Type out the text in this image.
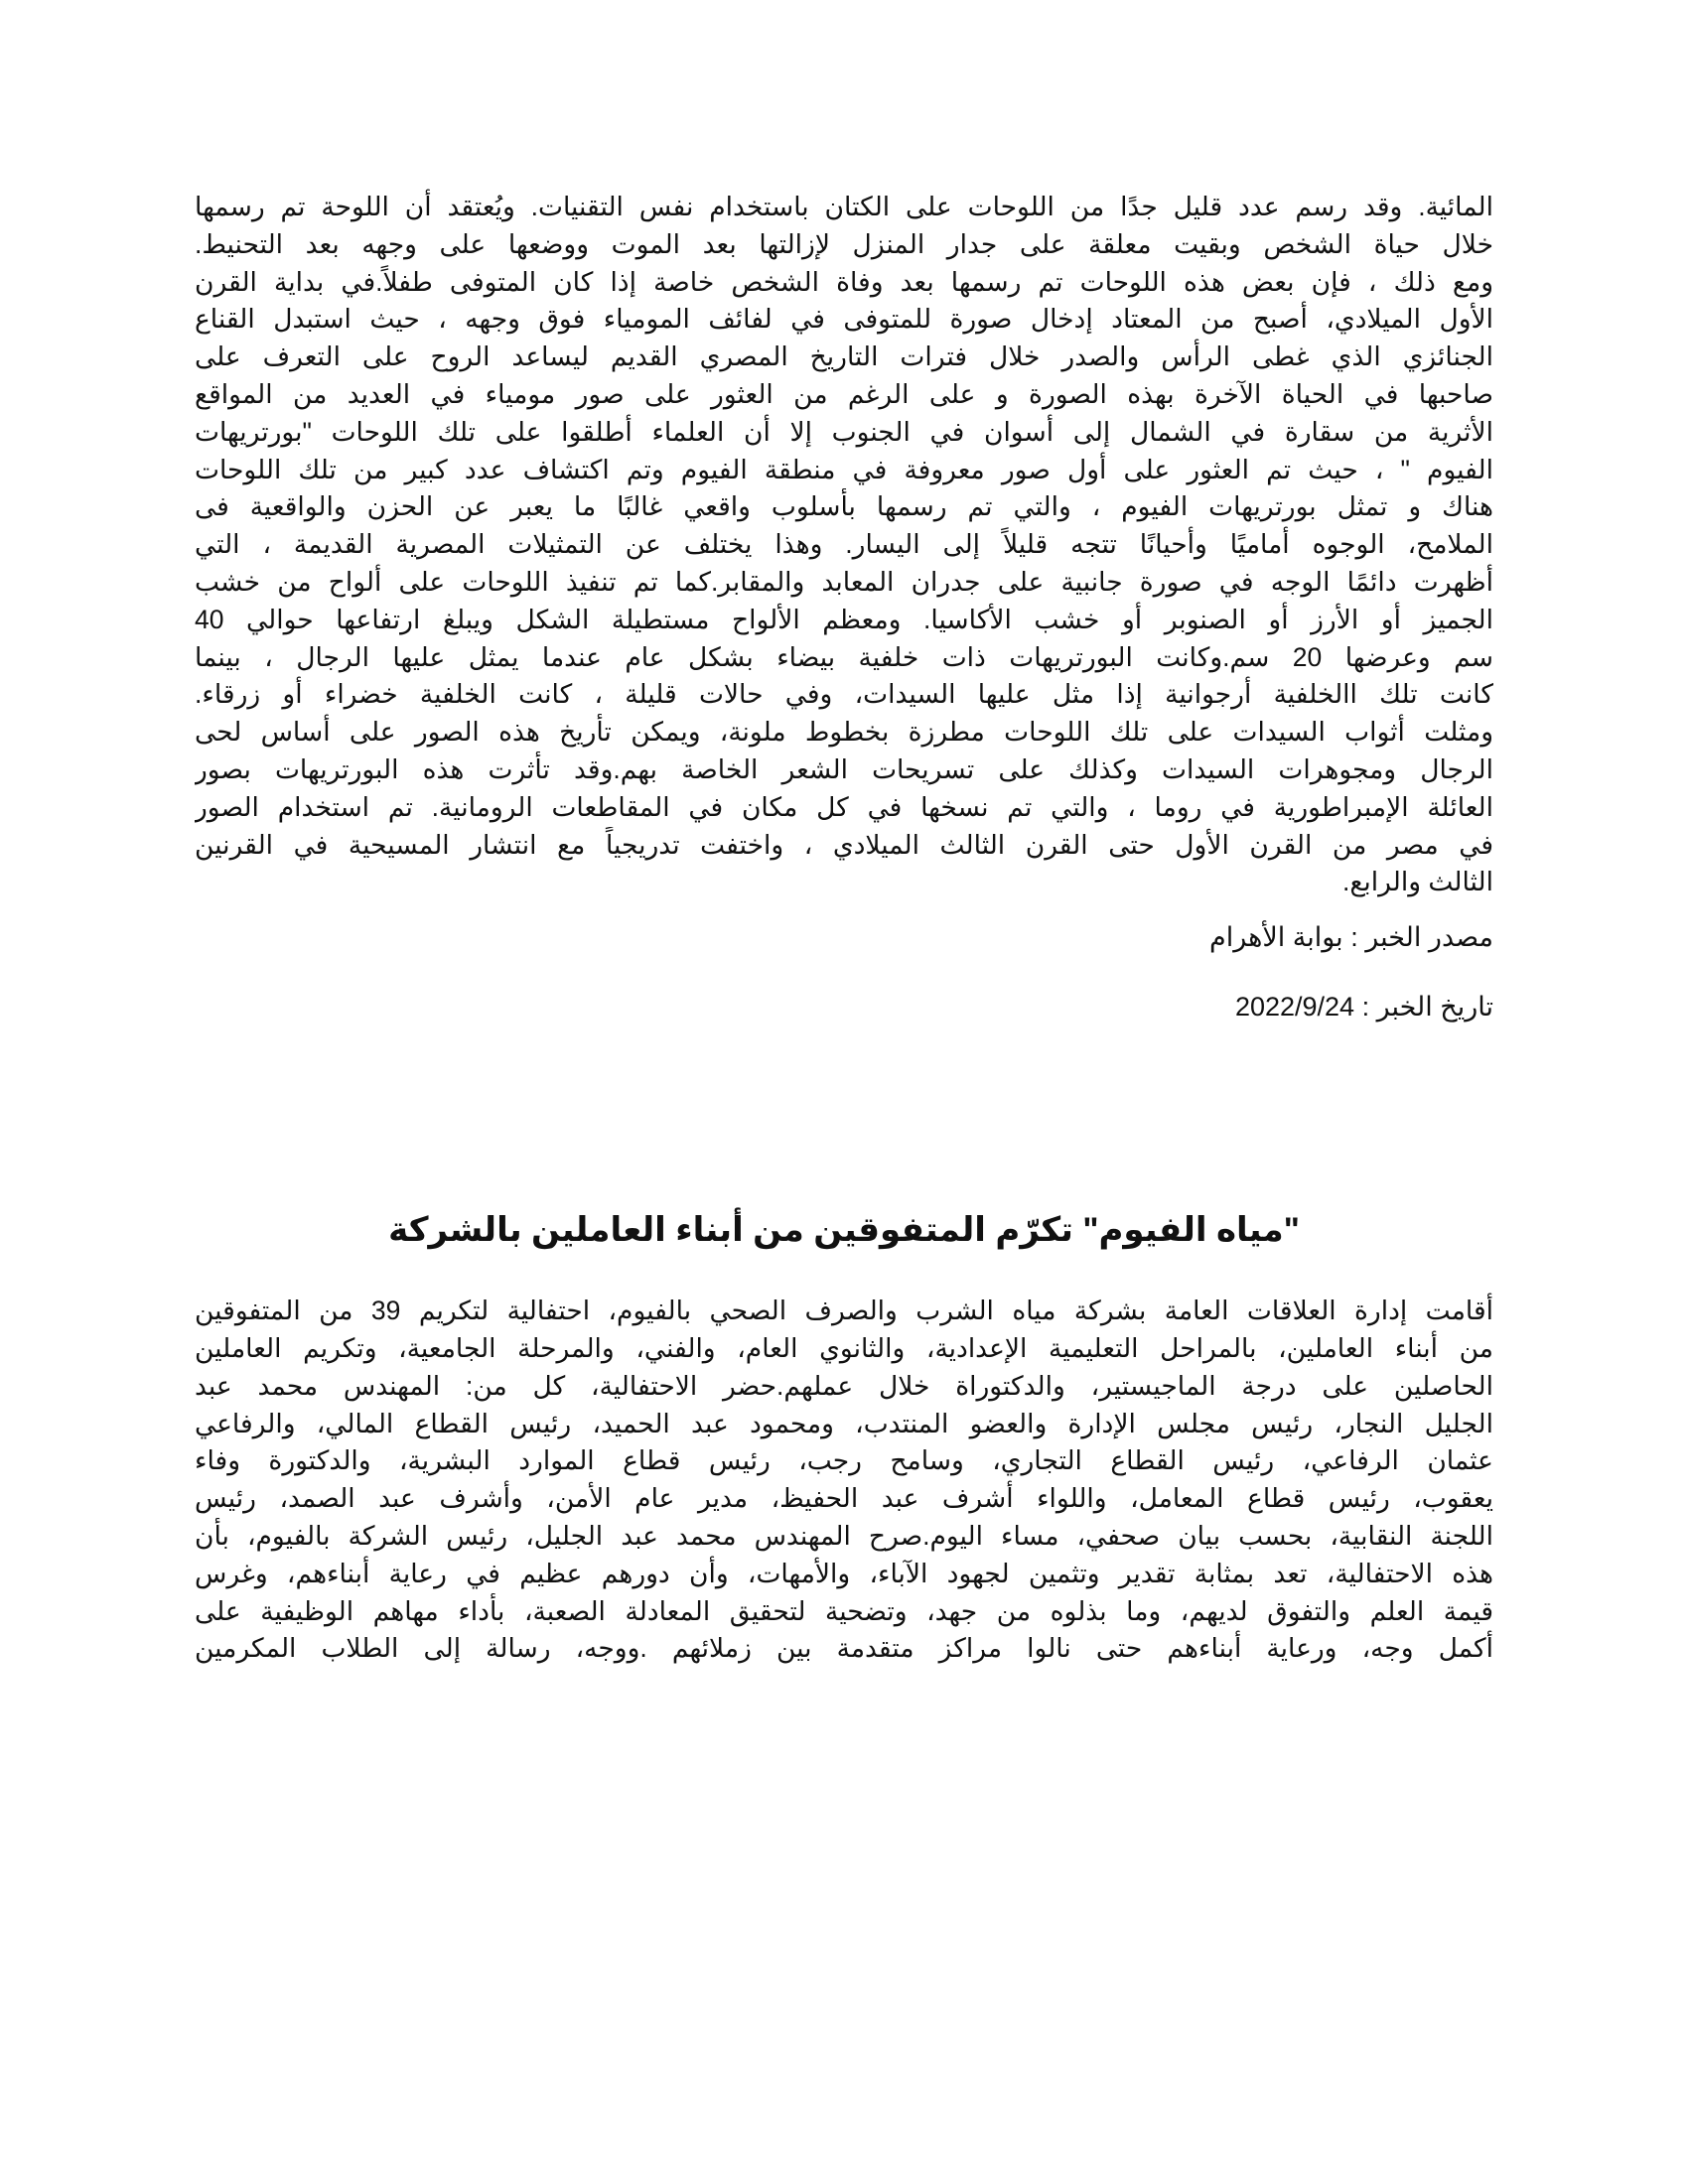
المائية. وقد رسم عدد قليل جدًا من اللوحات على الكتان باستخدام نفس التقنيات. ويُعتقد أن اللوحة تم رسمها
خلال حياة الشخص وبقيت معلقة على جدار المنزل لإزالتها بعد الموت ووضعها على وجهه بعد التحنيط.
ومع ذلك ، فإن بعض هذه اللوحات تم رسمها بعد وفاة الشخص خاصة إذا كان المتوفى طفلاً.في بداية القرن
الأول الميلادي، أصبح من المعتاد إدخال صورة للمتوفى في لفائف المومياء فوق وجهه ، حيث استبدل القناع
الجنائزي الذي غطى الرأس والصدر خلال فترات التاريخ المصري القديم ليساعد الروح على التعرف على
صاحبها في الحياة الآخرة بهذه الصورة و على الرغم من العثور على صور مومياء في العديد من المواقع
الأثرية من سقارة في الشمال إلى أسوان في الجنوب إلا أن العلماء أطلقوا على تلك اللوحات "بورتريهات
الفيوم " ، حيث تم العثور على أول صور معروفة في منطقة الفيوم وتم اكتشاف عدد كبير من تلك اللوحات
هناك و تمثل بورتريهات الفيوم ، والتي تم رسمها بأسلوب واقعي غالبًا ما يعبر عن الحزن والواقعية فى
الملامح، الوجوه أماميًا وأحيانًا تتجه قليلاً إلى اليسار. وهذا يختلف عن التمثيلات المصرية القديمة ، التي
أظهرت دائمًا الوجه في صورة جانبية على جدران المعابد والمقابر.كما تم تنفيذ اللوحات على ألواح من خشب
الجميز أو الأرز أو الصنوبر أو خشب الأكاسيا. ومعظم الألواح مستطيلة الشكل ويبلغ ارتفاعها حوالي 40
سم وعرضها 20 سم.وكانت البورتريهات ذات خلفية بيضاء بشكل عام عندما يمثل عليها الرجال ، بينما
كانت تلك االخلفية أرجوانية إذا مثل عليها السيدات، وفي حالات قليلة ، كانت الخلفية خضراء أو زرقاء.
ومثلت أثواب السيدات على تلك اللوحات مطرزة بخطوط ملونة، ويمكن تأريخ هذه الصور على أساس لحى
الرجال ومجوهرات السيدات وكذلك على تسريحات الشعر الخاصة بهم.وقد تأثرت هذه البورتريهات بصور
العائلة الإمبراطورية في روما ، والتي تم نسخها في كل مكان في المقاطعات الرومانية. تم استخدام الصور
في مصر من القرن الأول حتى القرن الثالث الميلادي ، واختفت تدريجياً مع انتشار المسيحية في القرنين
الثالث والرابع.
مصدر الخبر : بوابة الأهرام
تاريخ الخبر : 2022/9/24
"مياه الفيوم" تكرّم المتفوقين من أبناء العاملين بالشركة
أقامت إدارة العلاقات العامة بشركة مياه الشرب والصرف الصحي بالفيوم، احتفالية لتكريم 39 من المتفوقين
من أبناء العاملين، بالمراحل التعليمية الإعدادية، والثانوي العام، والفني، والمرحلة الجامعية، وتكريم العاملين
الحاصلين على درجة الماجيستير، والدكتوراة خلال عملهم.حضر الاحتفالية، كل من: المهندس محمد عبد
الجليل النجار، رئيس مجلس الإدارة والعضو المنتدب، ومحمود عبد الحميد، رئيس القطاع المالي، والرفاعي
عثمان الرفاعي، رئيس القطاع التجاري، وسامح رجب، رئيس قطاع الموارد البشرية، والدكتورة وفاء
يعقوب، رئيس قطاع المعامل، واللواء أشرف عبد الحفيظ، مدير عام الأمن، وأشرف عبد الصمد، رئيس
اللجنة النقابية، بحسب بيان صحفي، مساء اليوم.صرح المهندس محمد عبد الجليل، رئيس الشركة بالفيوم، بأن
هذه الاحتفالية، تعد بمثابة تقدير وتثمين لجهود الآباء، والأمهات، وأن دورهم عظيم في رعاية أبناءهم، وغرس
قيمة العلم والتفوق لديهم، وما بذلوه من جهد، وتضحية لتحقيق المعادلة الصعبة، بأداء مهاهم الوظيفية على
أكمل وجه، ورعاية أبناءهم حتى نالوا مراكز متقدمة بين زملائهم .ووجه، رسالة إلى الطلاب المكرمين
